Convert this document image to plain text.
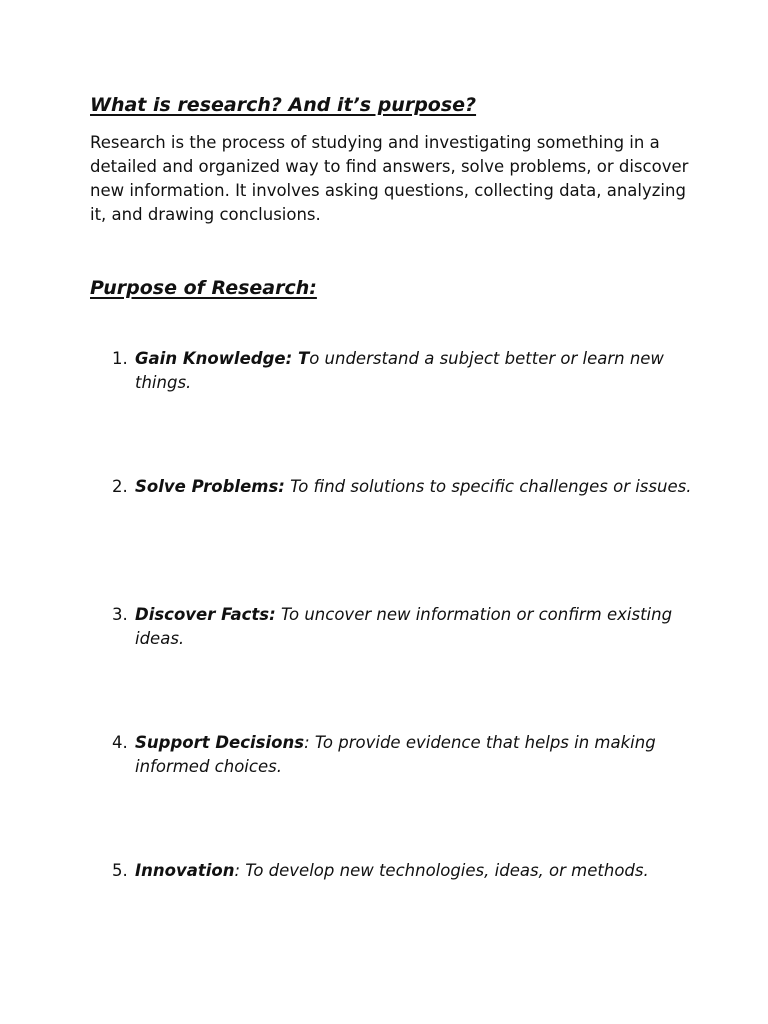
What is research? And it’s purpose?

Research is the process of studying and investigating something in a detailed and organized way to find answers, solve problems, or discover new information. It involves asking questions, collecting data, analyzing it, and drawing conclusions.

Purpose of Research:
1. Gain Knowledge: To understand a subject better or learn new things.
2. Solve Problems: To find solutions to specific challenges or issues.
3. Discover Facts: To uncover new information or confirm existing ideas.
4. Support Decisions: To provide evidence that helps in making informed choices.
5. Innovation: To develop new technologies, ideas, or methods.
